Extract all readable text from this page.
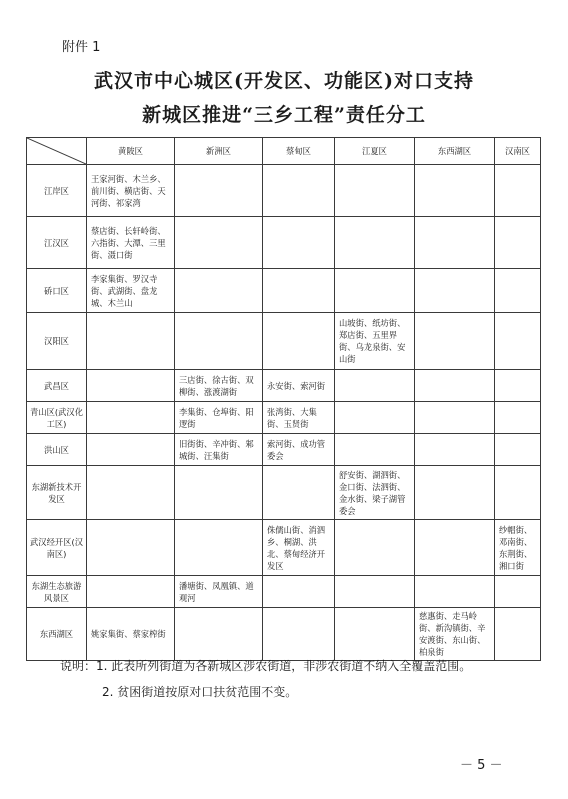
附件 1
武汉市中心城区(开发区、功能区)对口支持
新城区推进“三乡工程”责任分工
	黄陂区	新洲区	蔡甸区	江夏区	东西湖区	汉南区
江岸区	王家河街、木兰乡、前川街、横店街、天河街、祁家湾					
江汉区	蔡店街、长轩岭街、六指街、大潭、三里街、滠口街					
硚口区	李家集街、罗汉寺街、武湖街、盘龙城、木兰山					
汉阳区				山坡街、纸坊街、郑店街、五里界街、乌龙泉街、安山街		
武昌区		三店街、徐古街、双柳街、涨渡湖街	永安街、索河街			
青山区(武汉化工区)		李集街、仓埠街、阳逻街	张湾街、大集街、玉贤街			
洪山区		旧街街、辛冲街、邾城街、汪集街	索河街、成功管委会			
东湖新技术开发区				舒安街、湖泗街、金口街、法泗街、金水街、梁子湖管委会		
武汉经开区(汉南区)			侏儒山街、消泗乡、桐湖、洪北、蔡甸经济开发区			纱帽街、邓南街、东荆街、湘口街
东湖生态旅游风景区		潘塘街、凤凰镇、道观河				
东西湖区	姚家集街、蔡家榨街				慈惠街、走马岭街、新沟镇街、辛安渡街、东山街、柏泉街	
说明：1. 此表所列街道为各新城区涉农街道，非涉农街道不纳入全覆盖范围。
2. 贫困街道按原对口扶贫范围不变。
－ 5 －
